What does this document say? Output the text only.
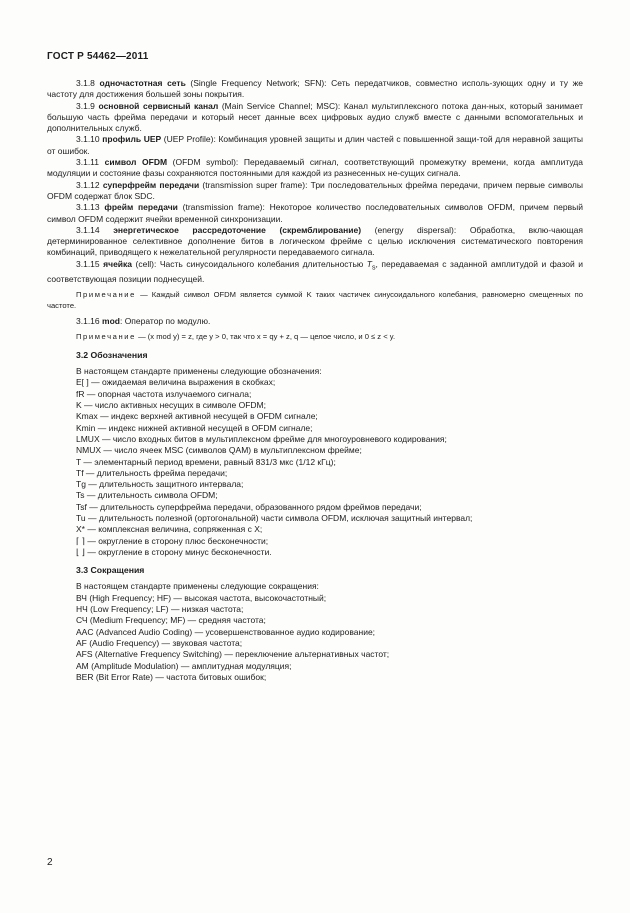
ГОСТ Р 54462—2011

3.1.8 одночастотная сеть (Single Frequency Network; SFN): Сеть передатчиков, совместно исполь-зующих одну и ту же частоту для достижения большей зоны покрытия.

3.1.9 основной сервисный канал (Main Service Channel; MSC): Канал мультиплексного потока дан-ных, который занимает большую часть фрейма передачи и который несет данные всех цифровых аудио служб вместе с данными вспомогательных и дополнительных служб.

3.1.10 профиль UEP (UEP Profile): Комбинация уровней защиты и длин частей с повышенной защи-той для неравной защиты от ошибок.

3.1.11 символ OFDM (OFDM symbol): Передаваемый сигнал, соответствующий промежутку времени, когда амплитуда модуляции и состояние фазы сохраняются постоянными для каждой из разнесенных не-сущих сигнала.

3.1.12 суперфрейм передачи (transmission super frame): Три последовательных фрейма передачи, причем первые символы OFDM содержат блок SDC.

3.1.13 фрейм передачи (transmission frame): Некоторое количество последовательных символов OFDM, причем первый символ OFDM содержит ячейки временной синхронизации.

3.1.14 энергетическое рассредоточение (скремблирование) (energy dispersal): Обработка, вклю-чающая детерминированное селективное дополнение битов в логическом фрейме с целью исключения систематического повторения комбинаций, приводящего к нежелательной регулярности передаваемого сигнала.

3.1.15 ячейка (cell): Часть синусоидального колебания длительностью $T_s$, передаваемая с заданной амплитудой и фазой и соответствующая позиции поднесущей.

Примечание — Каждый символ OFDM является суммой K таких частичек синусоидального колебания, равномерно смещенных по частоте.

3.1.16 mod: Оператор по модулю.

Примечание — (x mod y) = z, где y > 0, так что x = qy + z, q — целое число, и 0 ≤ z < y.

3.2 Обозначения

В настоящем стандарте применены следующие обозначения:

E[ ] — ожидаемая величина выражения в скобках;
fR — опорная частота излучаемого сигнала;
K — число активных несущих в символе OFDM;
Kmax — индекс верхней активной несущей в OFDM сигнале;
Kmin — индекс нижней активной несущей в OFDM сигнале;
LMUX — число входных битов в мультиплексном фрейме для многоуровневого кодирования;
NMUX — число ячеек MSC (символов QAM) в мультиплексном фрейме;
T — элементарный период времени, равный 831/3 мкс (1/12 кГц);
Tf — длительность фрейма передачи;
Tg — длительность защитного интервала;
Ts — длительность символа OFDM;
Tsf — длительность суперфрейма передачи, образованного рядом фреймов передачи;
Tu — длительность полезной (ортогональной) части символа OFDM, исключая защитный интервал;
X* — комплексная величина, сопряженная с X;
⌈ ⌉ — округление в сторону плюс бесконечности;
⌊ ⌋ — округление в сторону минус бесконечности.

3.3 Сокращения

В настоящем стандарте применены следующие сокращения:

ВЧ (High Frequency; HF) — высокая частота, высокочастотный;
НЧ (Low Frequency; LF) — низкая частота;
СЧ (Medium Frequency; MF) — средняя частота;
AAC (Advanced Audio Coding) — усовершенствованное аудио кодирование;
AF (Audio Frequency) — звуковая частота;
AFS (Alternative Frequency Switching) — переключение альтернативных частот;
AM (Amplitude Modulation) — амплитудная модуляция;
BER (Bit Error Rate) — частота битовых ошибок;
2
